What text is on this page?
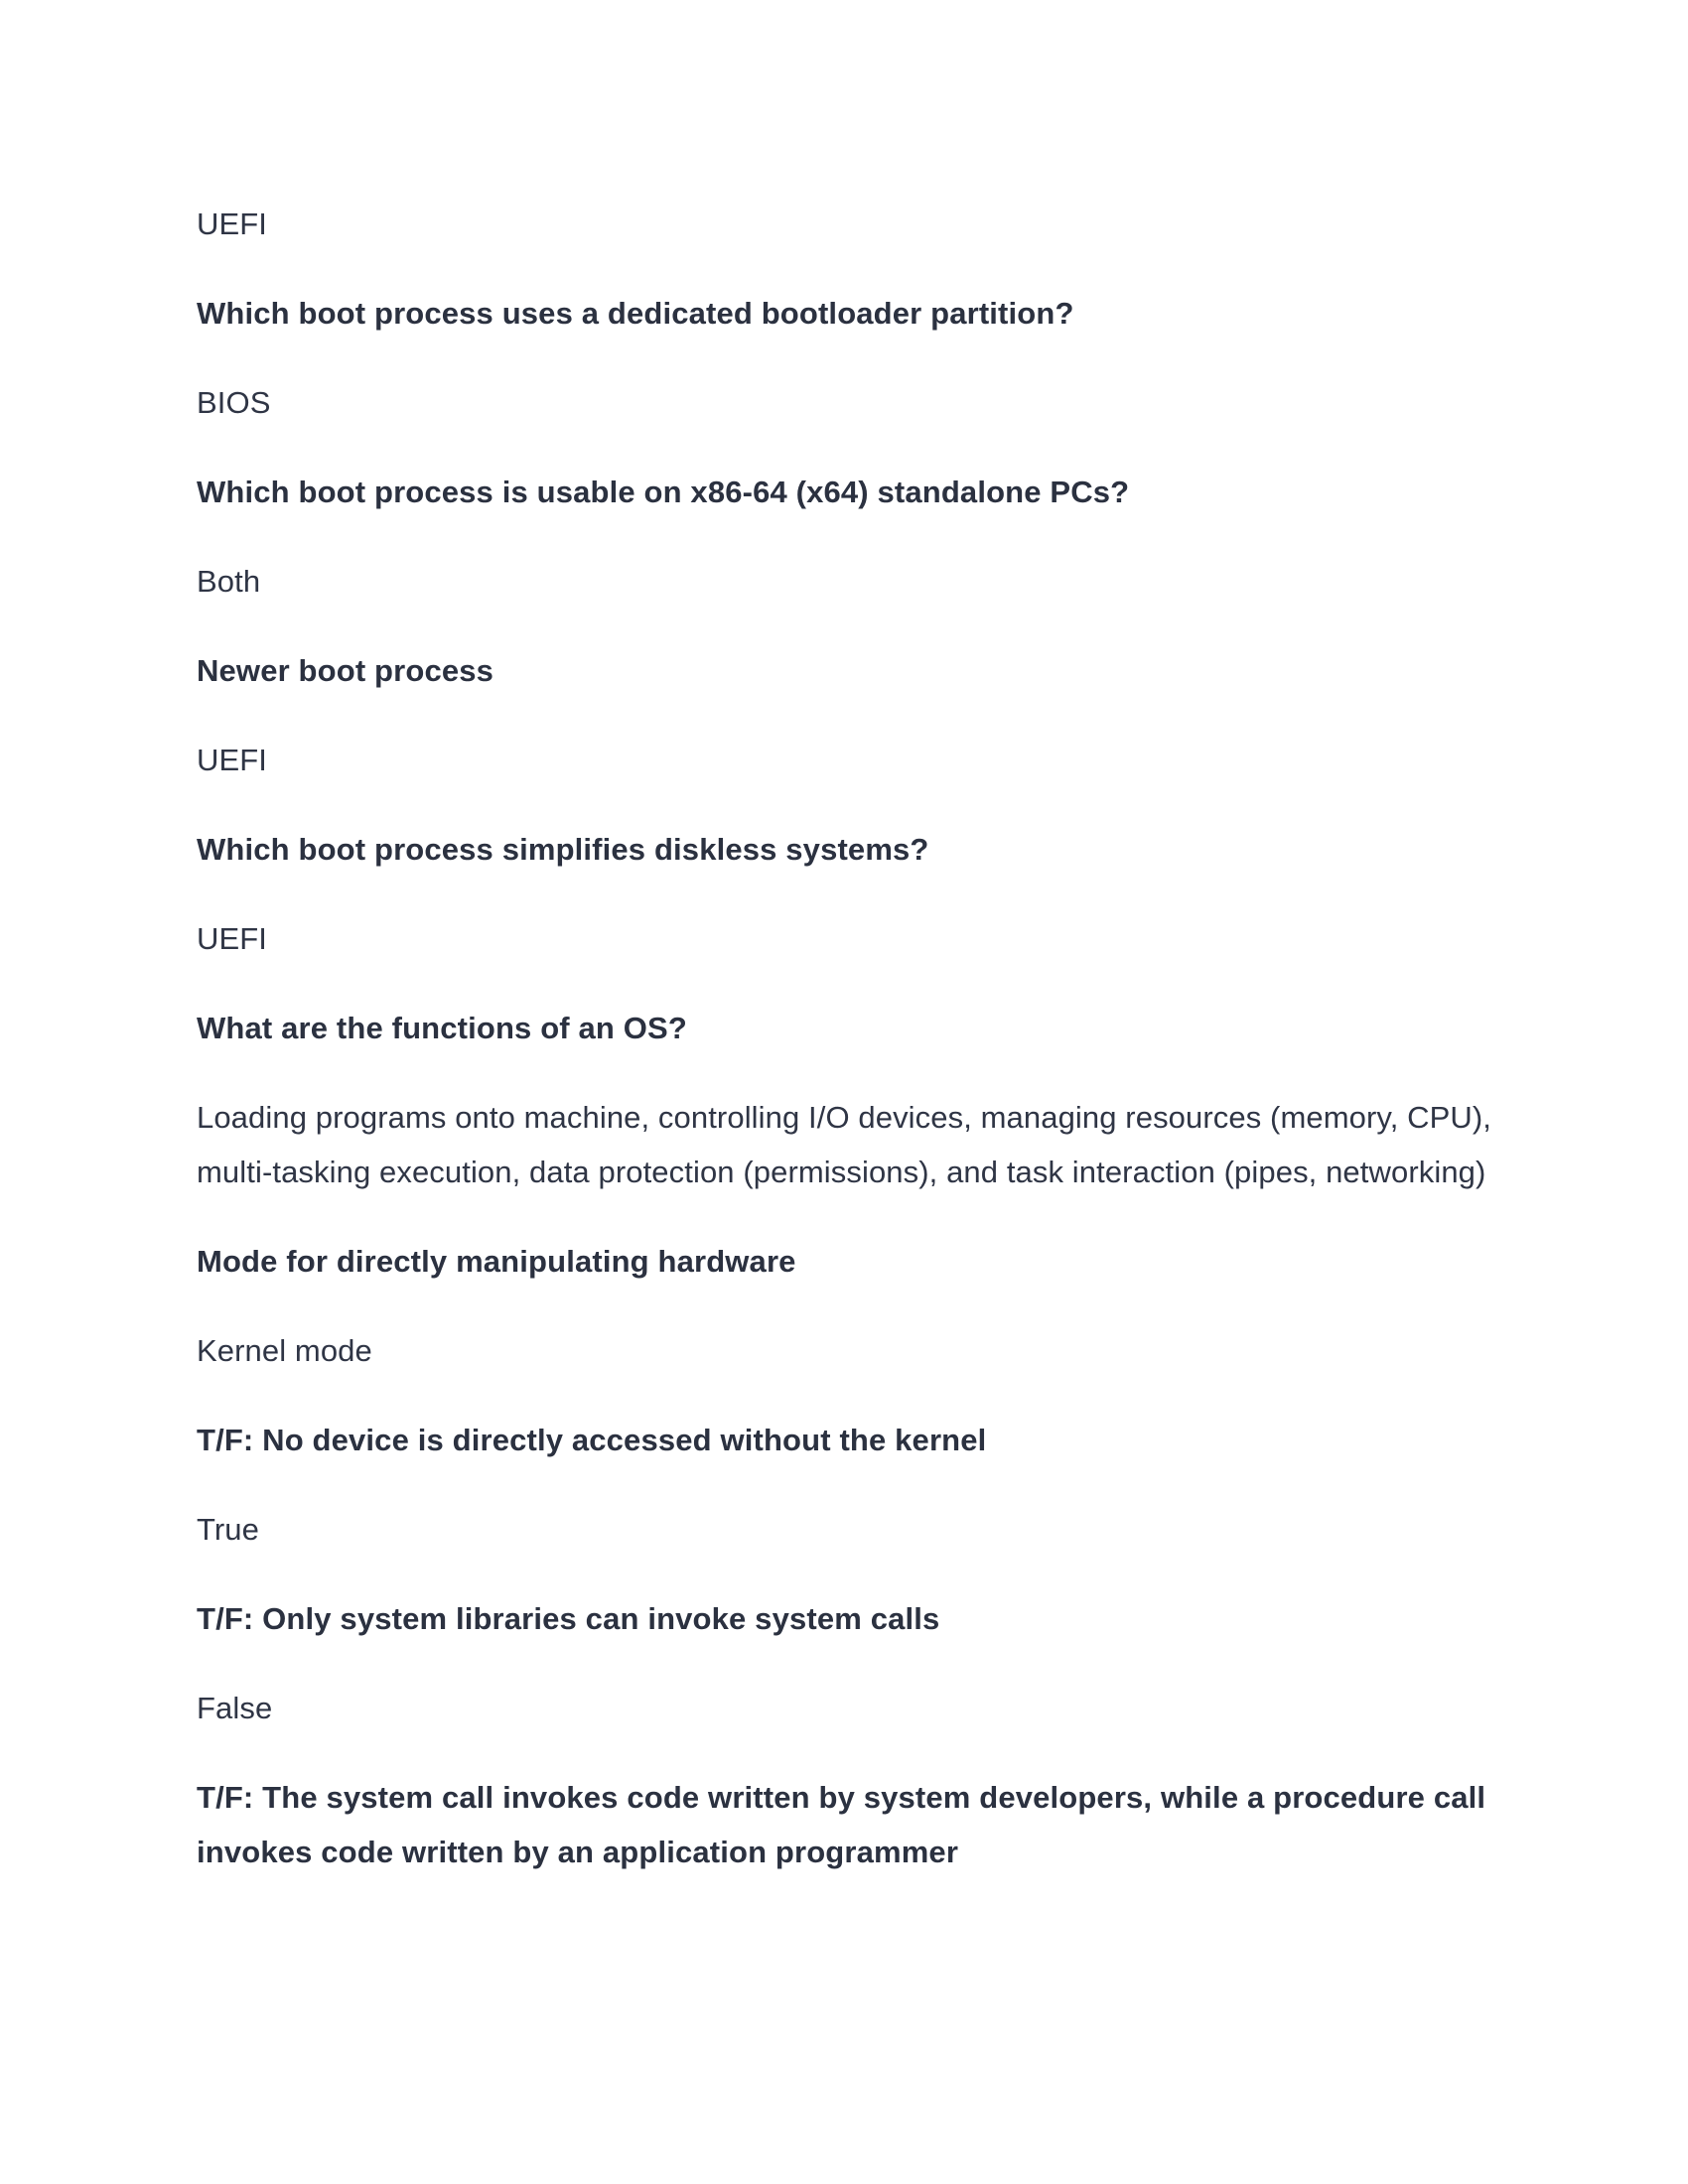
UEFI

Which boot process uses a dedicated bootloader partition?

BIOS

Which boot process is usable on x86-64 (x64) standalone PCs?

Both

Newer boot process

UEFI

Which boot process simplifies diskless systems?

UEFI

What are the functions of an OS?

Loading programs onto machine, controlling I/O devices, managing resources (memory, CPU), multi-tasking execution, data protection (permissions), and task interaction (pipes, networking)

Mode for directly manipulating hardware

Kernel mode

T/F: No device is directly accessed without the kernel

True

T/F: Only system libraries can invoke system calls

False

T/F: The system call invokes code written by system developers, while a procedure call invokes code written by an application programmer
